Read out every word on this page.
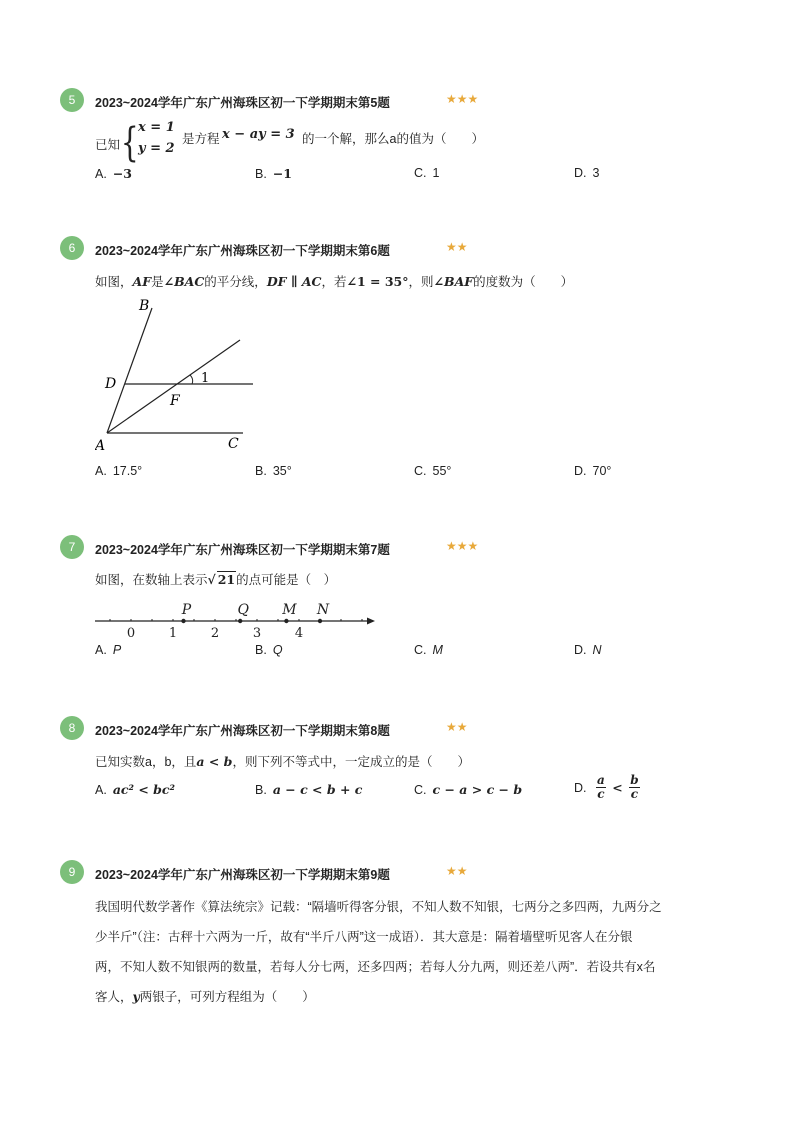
5	2023~2024学年广东广州海珠区初一下学期期末第5题	★★★
已知 { x = 1
y = 2
是方程 x − ay = 3 的一个解，那么a的值为（　　）
A. −3	B. −1	C. 1	D. 3
6	2023~2024学年广东广州海珠区初一下学期期末第6题	★★
如图，AF是∠BAC的平分线，DF ∥ AC，若∠1 = 35°，则∠BAF的度数为（　　）
B
D	1
F
A	C
A. 17.5°	B. 35°	C. 55°	D. 70°
7	2023~2024学年广东广州海珠区初一下学期期末第7题	★★★
如图，在数轴上表示√ 21的点可能是（　）
0	1	2	3	4
P	Q M N
A. P	B. Q	C. M	D. N
8	2023~2024学年广东广州海珠区初一下学期期末第8题	★★
已知实数a，b，且a < b，则下列不等式中，一定成立的是（　　）
A. ac² < bc²	B. a − c < b + c	C. c − a > c − b	D. $\frac{a}{c} < \frac{b}{c}$
9	2023~2024学年广东广州海珠区初一下学期期末第9题	★★
我国明代数学著作《算法统宗》记载：“隔墙听得客分银，不知人数不知银，七两分之多四两，九两分之
少半斤”（注：古秤十六两为一斤，故有“半斤八两”这一成语）．其大意是：隔着墙壁听见客人在分银
两，不知人数不知银两的数量，若每人分七两，还多四两；若每人分九两，则还差八两”．若设共有x名
客人，y两银子，可列方程组为（　　）
